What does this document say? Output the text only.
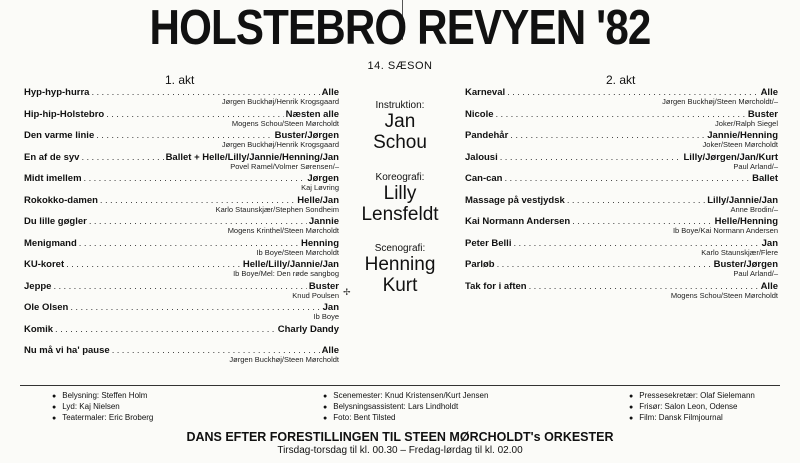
HOLSTEBRO REVYEN '82
14. SÆSON
1. akt	2. akt
Hyp-hyp-hurra .....	Alle
Jørgen Buckhøj/Henrik Krogsgaard
Hip-hip-Holstebro .....	Næsten alle
Mogens Schou/Steen Mørcholdt
Den varme linie .....	Buster/Jørgen
Jørgen Buckhøj/Henrik Krogsgaard
En af de syv .....	Ballet + Helle/Lilly/Jannie/Henning/Jan
Povel Ramel/Volmer Sørensen/–
Midt imellem .....	Jørgen
Kaj Løvring
Rokokko-damen .....	Helle/Jan
Karlo Staunskjær/Stephen Sondheim
Du lille gøgler .....	Jannie
Mogens Krinthel/Steen Mørcholdt
Menigmand .....	Henning
Ib Boye/Steen Mørcholdt
KU-koret .....	Helle/Lilly/Jannie/Jan
Ib Boye/Mel: Den røde sangbog
Jeppe .....	Buster
Knud Poulsen
Ole Olsen .....	Jan
Ib Boye
Komik .....	Charly Dandy
Nu må vi ha' pause .....	Alle
Jørgen Buckhøj/Steen Mørcholdt
Karneval .....	Alle
Jørgen Buckhøj/Steen Mørcholdt/–
Nicole .....	Buster
Joker/Ralph Siegel
Pandehår .....	Jannie/Henning
Joker/Steen Mørcholdt
Jalousi .....	Lilly/Jørgen/Jan/Kurt
Paul Arland/–
Can-can .....	Ballet
Massage på vestjydsk .....	Lilly/Jannie/Jan
Anne Brodin/–
Kai Normann Andersen .....	Helle/Henning
Ib Boye/Kai Normann Andersen
Peter Belli .....	Jan
Karlo Staunskjær/Flere
Parløb .....	Buster/Jørgen
Paul Arland/–
Tak for i aften .....	Alle
Mogens Schou/Steen Mørcholdt
Instruktion:
Jan
Schou
Koreografi:
Lilly
Lensfeldt
Scenografi:
Henning
Kurt
✢
● Belysning: Steffen Holm
● Lyd: Kaj Nielsen
● Teatermaler: Eric Broberg
● Scenemester: Knud Kristensen/Kurt Jensen
● Belysningsassistent: Lars Lindholdt
● Foto: Bent Tilsted
● Pressesekretær: Olaf Sielemann
● Frisør: Salon Leon, Odense
● Film: Dansk Filmjournal
DANS EFTER FORESTILLINGEN TIL STEEN MØRCHOLDT's ORKESTER
Tirsdag-torsdag til kl. 00.30 – Fredag-lørdag til kl. 02.00
